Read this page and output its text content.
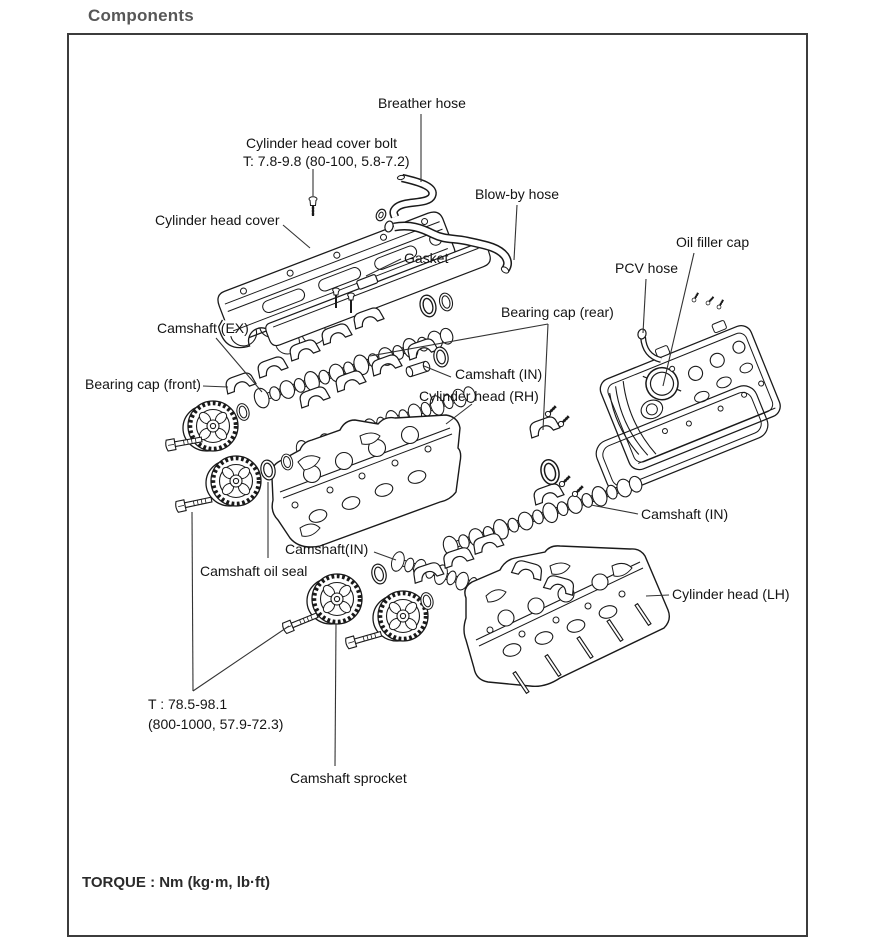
Components
TORQUE : Nm (kg·m, lb·ft)
Breather hose
Cylinder head cover bolt
T: 7.8-9.8 (80-100, 5.8-7.2)
Blow-by hose
Cylinder head cover
Gasket
Oil filler cap
PCV hose
Bearing cap (rear)
Camshaft (EX)
Bearing cap (front)
Camshaft (IN)
Cylinder head (RH)
Camshaft (IN)
Camshaft(IN)
Camshaft oil seal
Cylinder head (LH)
T : 78.5-98.1
(800-1000, 57.9-72.3)
Camshaft sprocket
